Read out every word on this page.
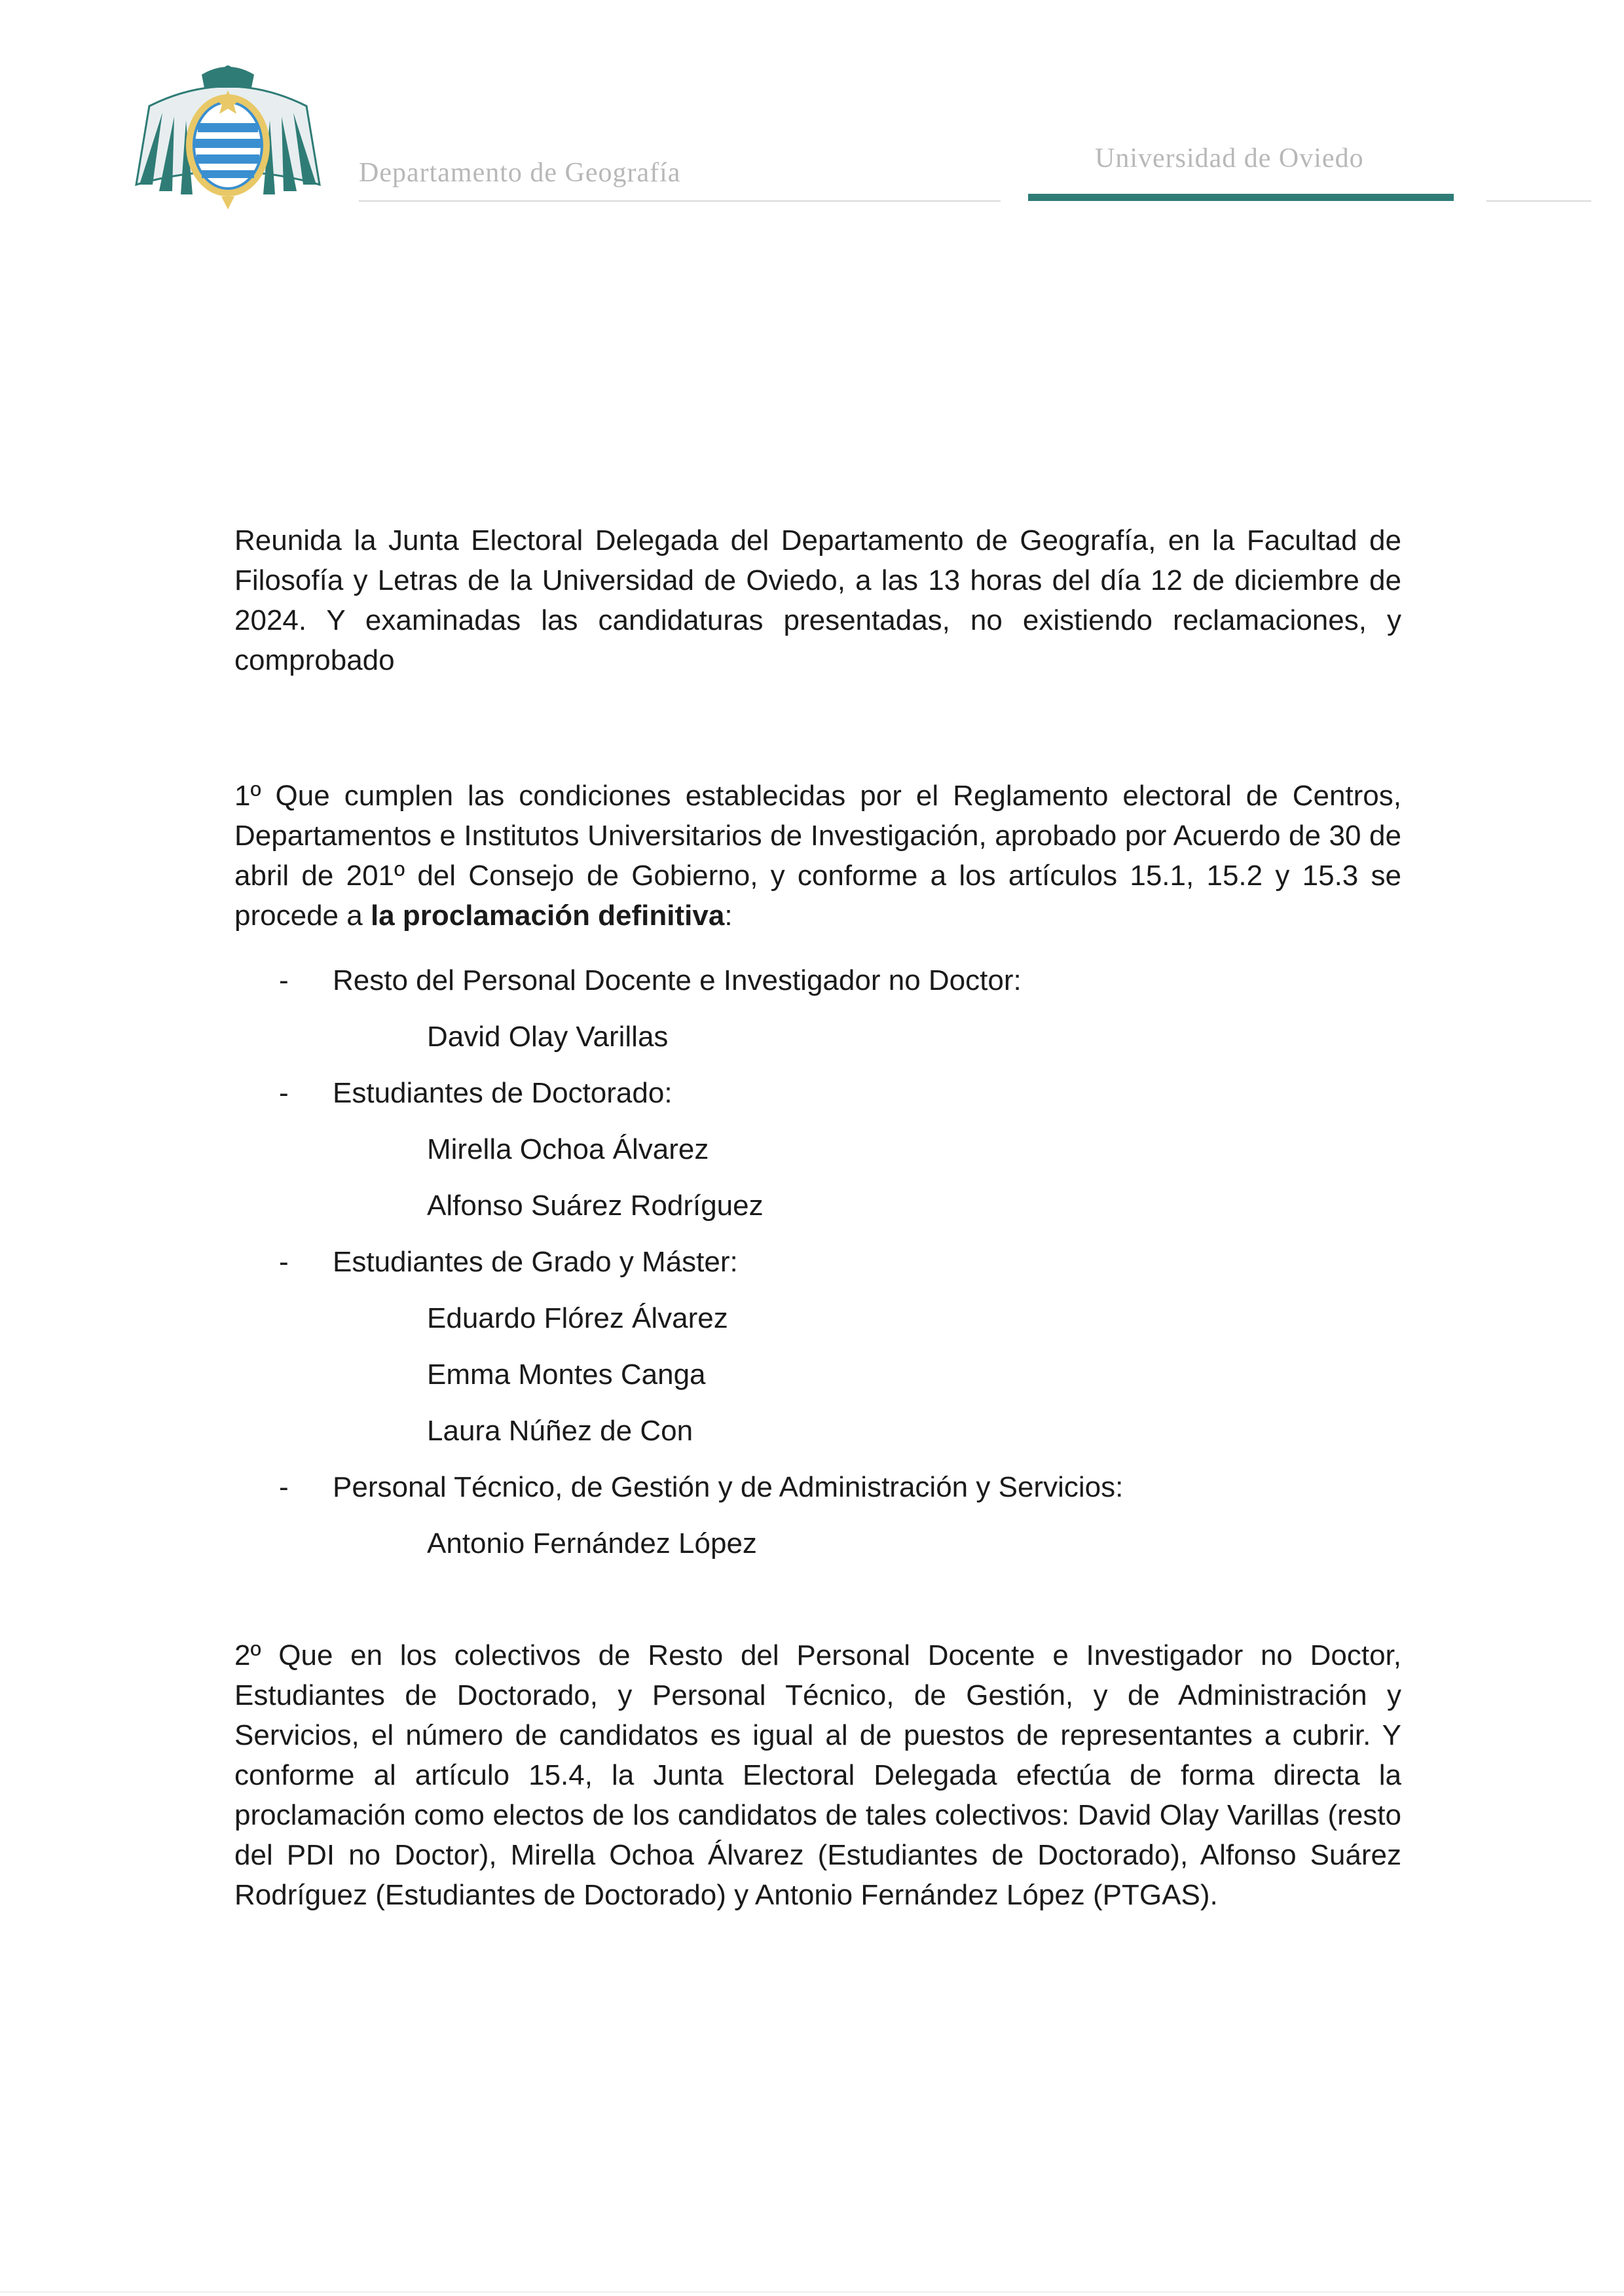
Departamento de Geografía	Universidad de Oviedo
Reunida la Junta Electoral Delegada del Departamento de Geografía, en la Facultad de Filosofía y Letras de la Universidad de Oviedo, a las 13 horas del día 12 de diciembre de 2024. Y examinadas las candidaturas presentadas, no existiendo reclamaciones, y comprobado
1º Que cumplen las condiciones establecidas por el Reglamento electoral de Centros, Departamentos e Institutos Universitarios de Investigación, aprobado por Acuerdo de 30 de abril de 201º del Consejo de Gobierno, y conforme a los artículos 15.1, 15.2 y 15.3 se procede a la proclamación definitiva:
- Resto del Personal Docente e Investigador no Doctor:
David Olay Varillas
- Estudiantes de Doctorado:
Mirella Ochoa Álvarez
Alfonso Suárez Rodríguez
- Estudiantes de Grado y Máster:
Eduardo Flórez Álvarez
Emma Montes Canga
Laura Núñez de Con
- Personal Técnico, de Gestión y de Administración y Servicios:
Antonio Fernández López
2º Que en los colectivos de Resto del Personal Docente e Investigador no Doctor, Estudiantes de Doctorado, y Personal Técnico, de Gestión, y de Administración y Servicios, el número de candidatos es igual al de puestos de representantes a cubrir. Y conforme al artículo 15.4, la Junta Electoral Delegada efectúa de forma directa la proclamación como electos de los candidatos de tales colectivos: David Olay Varillas (resto del PDI no Doctor), Mirella Ochoa Álvarez (Estudiantes de Doctorado), Alfonso Suárez Rodríguez (Estudiantes de Doctorado) y Antonio Fernández López (PTGAS).
